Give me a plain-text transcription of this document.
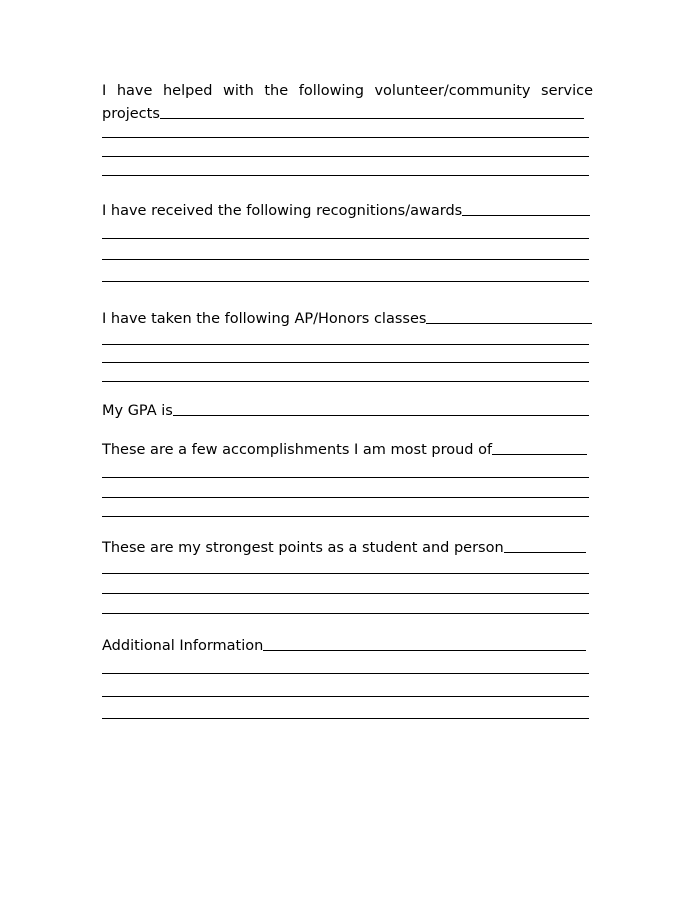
I have helped with the following volunteer/community service
projects
I have received the following recognitions/awards
I have taken the following AP/Honors classes
My GPA is
These are a few accomplishments I am most proud of
These are my strongest points as a student and person
Additional Information
